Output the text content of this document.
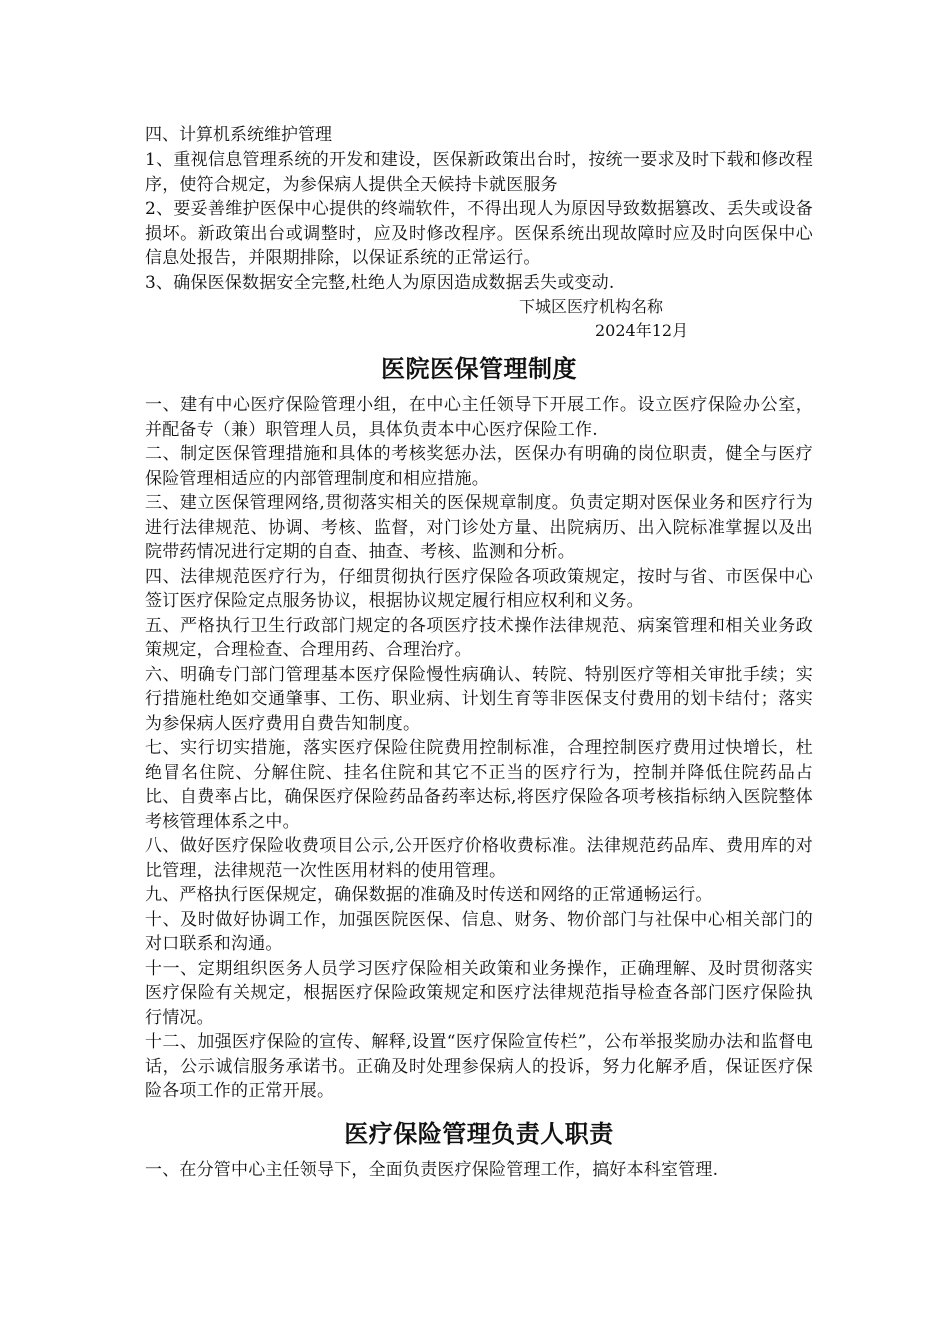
四、计算机系统维护管理

1、重视信息管理系统的开发和建设，医保新政策出台时，按统一要求及时下载和修改程序，使符合规定，为参保病人提供全天候持卡就医服务

2、要妥善维护医保中心提供的终端软件，不得出现人为原因导致数据篡改、丢失或设备损坏。新政策出台或调整时，应及时修改程序。医保系统出现故障时应及时向医保中心信息处报告，并限期排除，以保证系统的正常运行。

3、确保医保数据安全完整,杜绝人为原因造成数据丢失或变动.

下城区医疗机构名称

2024年12月

医院医保管理制度

一、建有中心医疗保险管理小组，在中心主任领导下开展工作。设立医疗保险办公室，并配备专（兼）职管理人员，具体负责本中心医疗保险工作.

二、制定医保管理措施和具体的考核奖惩办法，医保办有明确的岗位职责，健全与医疗保险管理相适应的内部管理制度和相应措施。

三、建立医保管理网络,贯彻落实相关的医保规章制度。负责定期对医保业务和医疗行为进行法律规范、协调、考核、监督，对门诊处方量、出院病历、出入院标准掌握以及出院带药情况进行定期的自查、抽查、考核、监测和分析。

四、法律规范医疗行为，仔细贯彻执行医疗保险各项政策规定，按时与省、市医保中心签订医疗保险定点服务协议，根据协议规定履行相应权利和义务。

五、严格执行卫生行政部门规定的各项医疗技术操作法律规范、病案管理和相关业务政策规定，合理检查、合理用药、合理治疗。

六、明确专门部门管理基本医疗保险慢性病确认、转院、特别医疗等相关审批手续；实行措施杜绝如交通肇事、工伤、职业病、计划生育等非医保支付费用的划卡结付；落实为参保病人医疗费用自费告知制度。

七、实行切实措施，落实医疗保险住院费用控制标准，合理控制医疗费用过快增长，杜绝冒名住院、分解住院、挂名住院和其它不正当的医疗行为，控制并降低住院药品占比、自费率占比，确保医疗保险药品备药率达标,将医疗保险各项考核指标纳入医院整体考核管理体系之中。

八、做好医疗保险收费项目公示,公开医疗价格收费标准。法律规范药品库、费用库的对比管理，法律规范一次性医用材料的使用管理。

九、严格执行医保规定，确保数据的准确及时传送和网络的正常通畅运行。

十、及时做好协调工作，加强医院医保、信息、财务、物价部门与社保中心相关部门的对口联系和沟通。

十一、定期组织医务人员学习医疗保险相关政策和业务操作，正确理解、及时贯彻落实医疗保险有关规定，根据医疗保险政策规定和医疗法律规范指导检查各部门医疗保险执行情况。

十二、加强医疗保险的宣传、解释,设置“医疗保险宣传栏”，公布举报奖励办法和监督电话，公示诚信服务承诺书。正确及时处理参保病人的投诉，努力化解矛盾，保证医疗保险各项工作的正常开展。

医疗保险管理负责人职责

一、在分管中心主任领导下，全面负责医疗保险管理工作，搞好本科室管理.
